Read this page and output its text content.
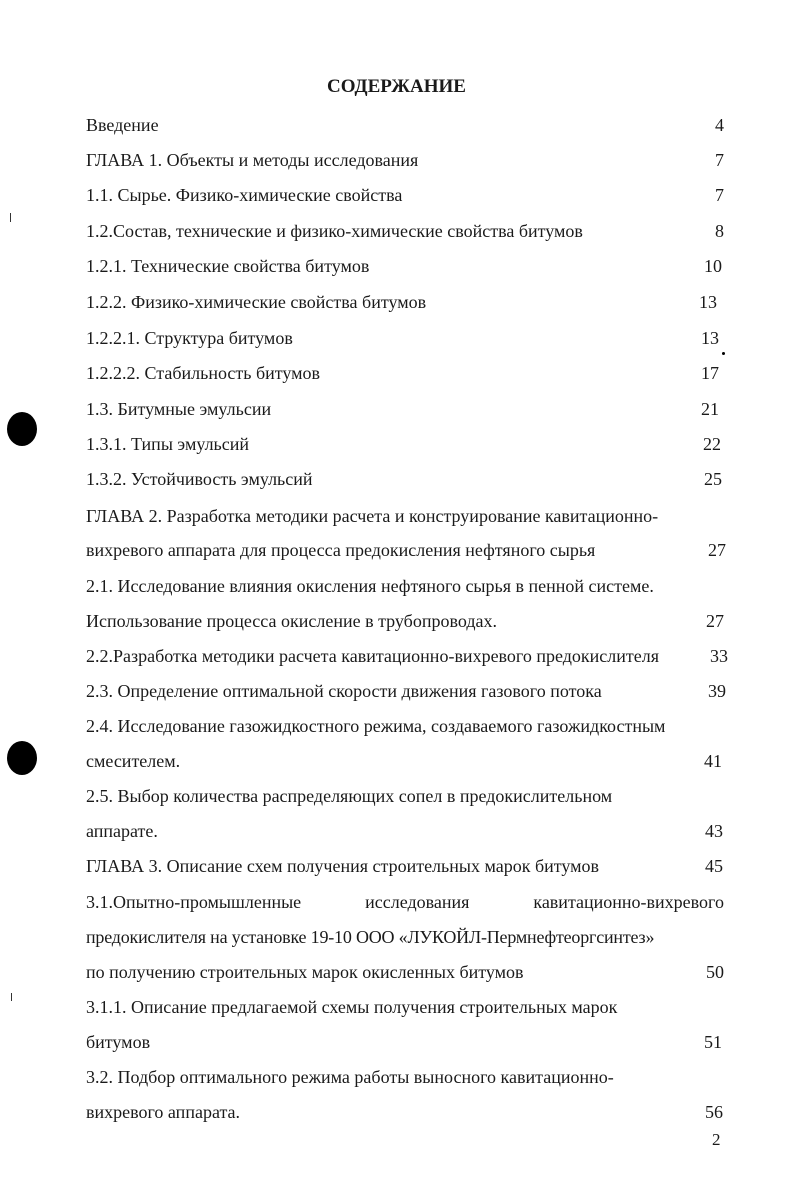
СОДЕРЖАНИЕ
Введение	4
ГЛАВА 1. Объекты и методы исследования	7
1.1. Сырье. Физико-химические свойства	7
1.2.Состав, технические и физико-химические свойства битумов	8
1.2.1. Технические свойства битумов	10
1.2.2. Физико-химические свойства битумов	13
1.2.2.1. Структура битумов	13
1.2.2.2. Стабильность битумов	17
1.3. Битумные эмульсии	21
1.3.1. Типы эмульсий	22
1.3.2. Устойчивость эмульсий	25
ГЛАВА 2. Разработка методики расчета и конструирование кавитационно-
вихревого аппарата для процесса предокисления нефтяного сырья	27
2.1. Исследование влияния окисления нефтяного сырья в пенной системе.
Использование процесса окисление в трубопроводах.	27
2.2.Разработка методики расчета кавитационно-вихревого предокислителя	33
2.3. Определение оптимальной скорости движения газового потока	39
2.4. Исследование газожидкостного режима, создаваемого газожидкостным
смесителем.	41
2.5. Выбор количества распределяющих сопел в предокислительном
аппарате.	43
ГЛАВА 3. Описание схем получения строительных марок битумов	45
3.1.Опытно-промышленные	исследования	кавитационно-вихревого
предокислителя на установке 19-10 ООО «ЛУКОЙЛ-Пермнефтеоргсинтез»
по получению строительных марок окисленных битумов	50
3.1.1. Описание предлагаемой схемы получения строительных марок
битумов	51
3.2. Подбор оптимального режима работы выносного кавитационно-
вихревого аппарата.	56
2
